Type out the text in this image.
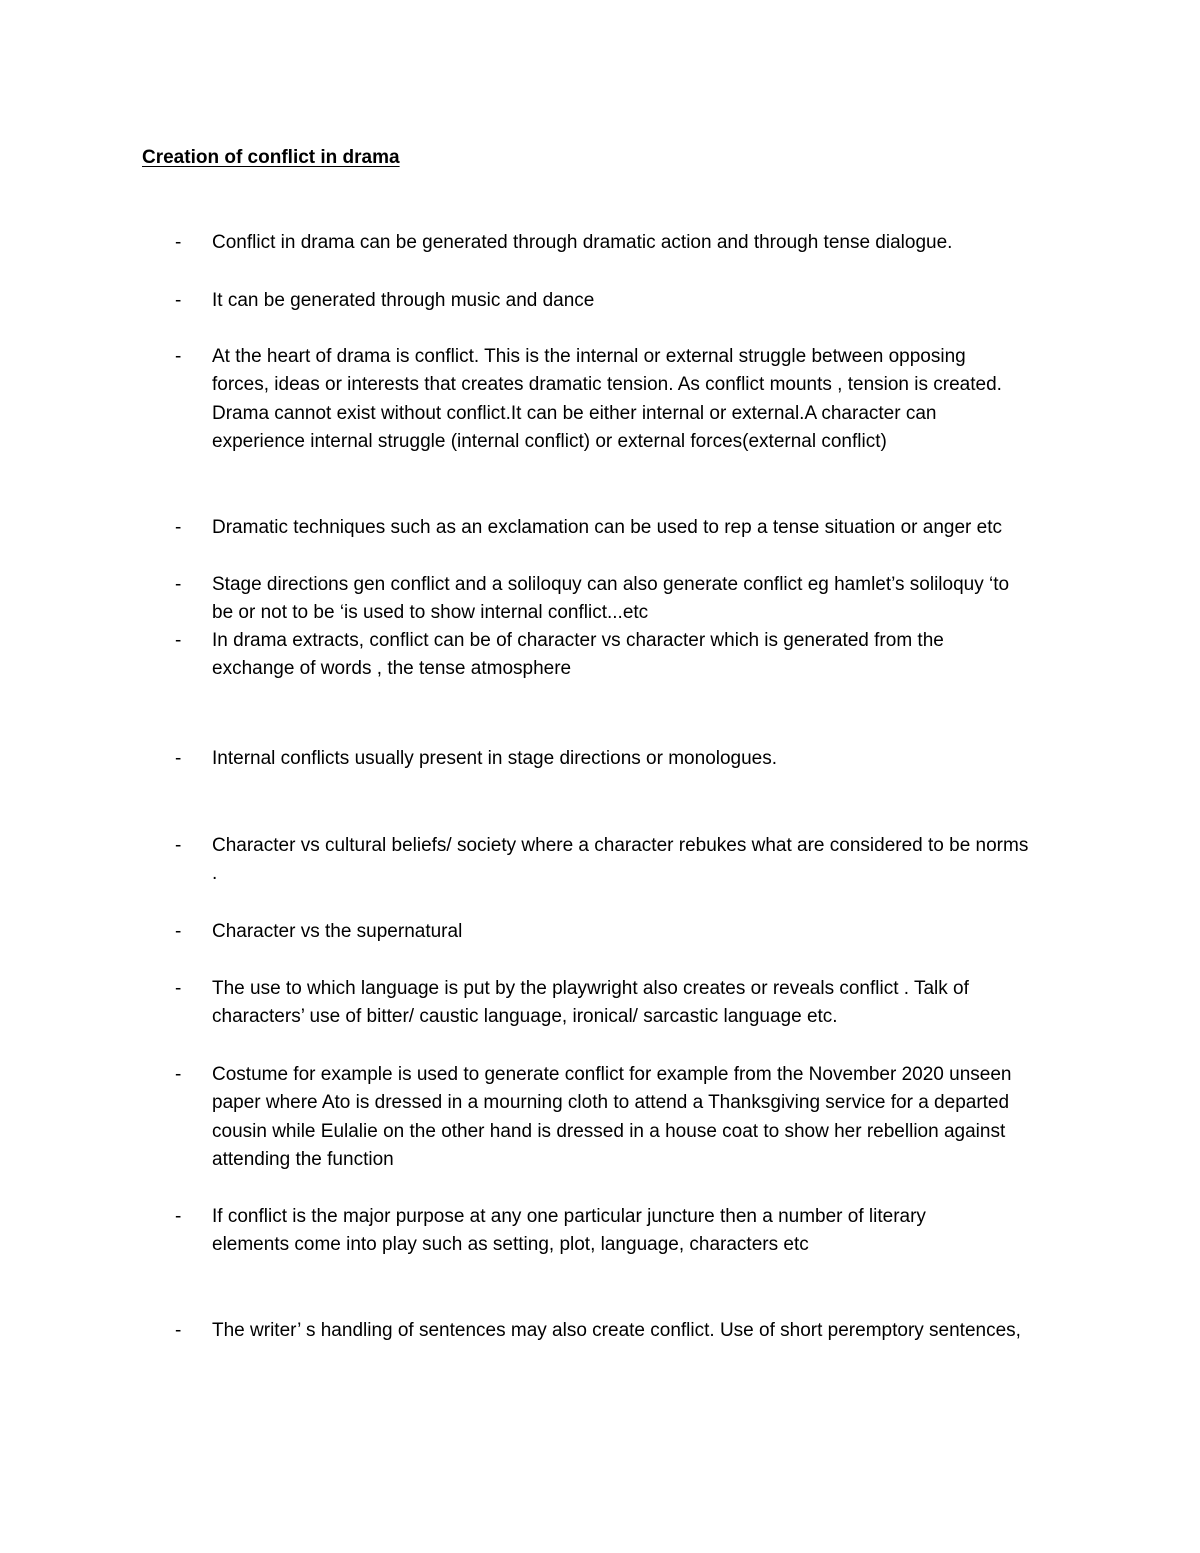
Creation of conflict in drama
- Conflict in drama can be generated through dramatic action and through tense dialogue.
- It can be generated through music and dance
- At the heart of drama is conflict. This is the internal or external struggle between opposing
forces, ideas or interests that creates dramatic tension. As conflict mounts , tension is created.
Drama cannot exist without conflict.It can be either internal or external.A character can
experience internal struggle (internal conflict) or external forces(external conflict)
- Dramatic techniques such as an exclamation can be used to rep a tense situation or anger etc
- Stage directions gen conflict and a soliloquy can also generate conflict eg hamlet’s soliloquy ‘to
be or not to be ‘is used to show internal conflict...etc
- In drama extracts, conflict can be of character vs character which is generated from the
exchange of words , the tense atmosphere
- Internal conflicts usually present in stage directions or monologues.
- Character vs cultural beliefs/ society where a character rebukes what are considered to be norms
.
- Character vs the supernatural
- The use to which language is put by the playwright also creates or reveals conflict . Talk of
characters’ use of bitter/ caustic language, ironical/ sarcastic language etc.
- Costume for example is used to generate conflict for example from the November 2020 unseen
paper where Ato is dressed in a mourning cloth to attend a Thanksgiving service for a departed
cousin while Eulalie on the other hand is dressed in a house coat to show her rebellion against
attending the function
- If conflict is the major purpose at any one particular juncture then a number of literary
elements come into play such as setting, plot, language, characters etc
- The writer’ s handling of sentences may also create conflict. Use of short peremptory sentences,
